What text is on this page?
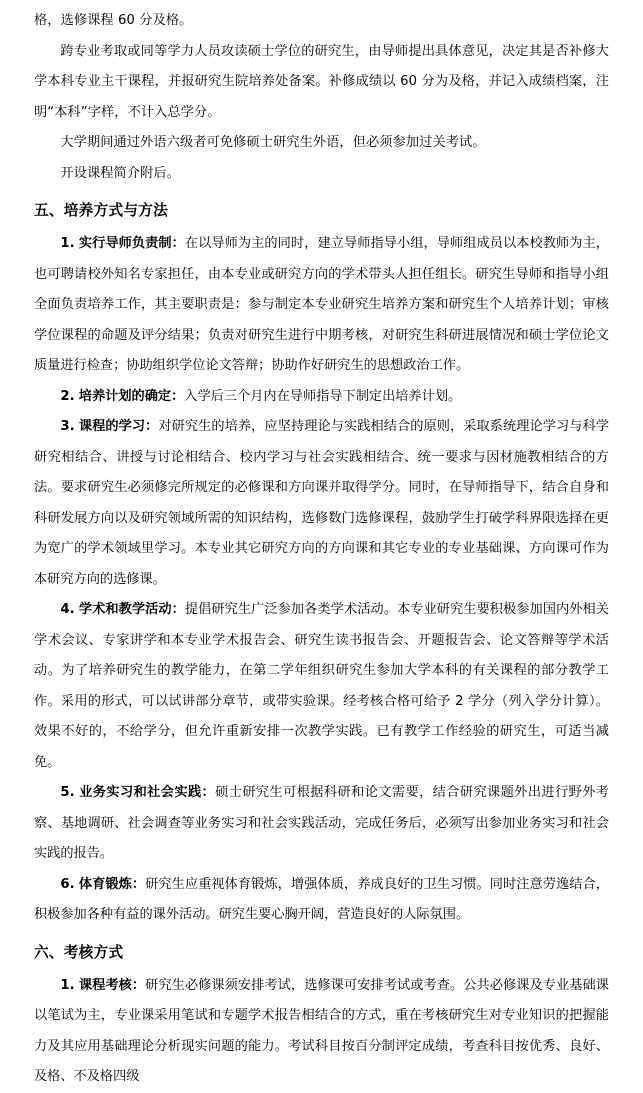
格，选修课程 60 分及格。

跨专业考取或同等学力人员攻读硕士学位的研究生，由导师提出具体意见，决定其是否补修大学本科专业主干课程，并报研究生院培养处备案。补修成绩以 60 分为及格，并记入成绩档案，注明“本科”字样，不计入总学分。

大学期间通过外语六级者可免修硕士研究生外语，但必须参加过关考试。

开设课程简介附后。

五、培养方式与方法

1. 实行导师负责制：在以导师为主的同时，建立导师指导小组，导师组成员以本校教师为主，也可聘请校外知名专家担任，由本专业或研究方向的学术带头人担任组长。研究生导师和指导小组全面负责培养工作，其主要职责是：参与制定本专业研究生培养方案和研究生个人培养计划；审核学位课程的命题及评分结果；负责对研究生进行中期考核，对研究生科研进展情况和硕士学位论文质量进行检查；协助组织学位论文答辩；协助作好研究生的思想政治工作。

2. 培养计划的确定：入学后三个月内在导师指导下制定出培养计划。

3. 课程的学习：对研究生的培养，应坚持理论与实践相结合的原则，采取系统理论学习与科学研究相结合、讲授与讨论相结合、校内学习与社会实践相结合、统一要求与因材施教相结合的方法。要求研究生必须修完所规定的必修课和方向课并取得学分。同时，在导师指导下，结合自身和科研发展方向以及研究领域所需的知识结构，选修数门选修课程，鼓励学生打破学科界限选择在更为宽广的学术领域里学习。本专业其它研究方向的方向课和其它专业的专业基础课、方向课可作为本研究方向的选修课。

4. 学术和教学活动：提倡研究生广泛参加各类学术活动。本专业研究生要积极参加国内外相关学术会议、专家讲学和本专业学术报告会、研究生读书报告会、开题报告会、论文答辩等学术活动。为了培养研究生的教学能力，在第二学年组织研究生参加大学本科的有关课程的部分教学工作。采用的形式，可以试讲部分章节，或带实验课。经考核合格可给予 2 学分（列入学分计算）。效果不好的，不给学分，但允许重新安排一次教学实践。已有教学工作经验的研究生，可适当减免。

5. 业务实习和社会实践：硕士研究生可根据科研和论文需要，结合研究课题外出进行野外考察、基地调研、社会调查等业务实习和社会实践活动，完成任务后，必须写出参加业务实习和社会实践的报告。

6. 体育锻炼：研究生应重视体育锻炼，增强体质，养成良好的卫生习惯。同时注意劳逸结合，积极参加各种有益的课外活动。研究生要心胸开阔，营造良好的人际氛围。

六、考核方式

1. 课程考核：研究生必修课须安排考试，选修课可安排考试或考查。公共必修课及专业基础课以笔试为主，专业课采用笔试和专题学术报告相结合的方式，重在考核研究生对专业知识的把握能力及其应用基础理论分析现实问题的能力。考试科目按百分制评定成绩，考查科目按优秀、良好、及格、不及格四级
